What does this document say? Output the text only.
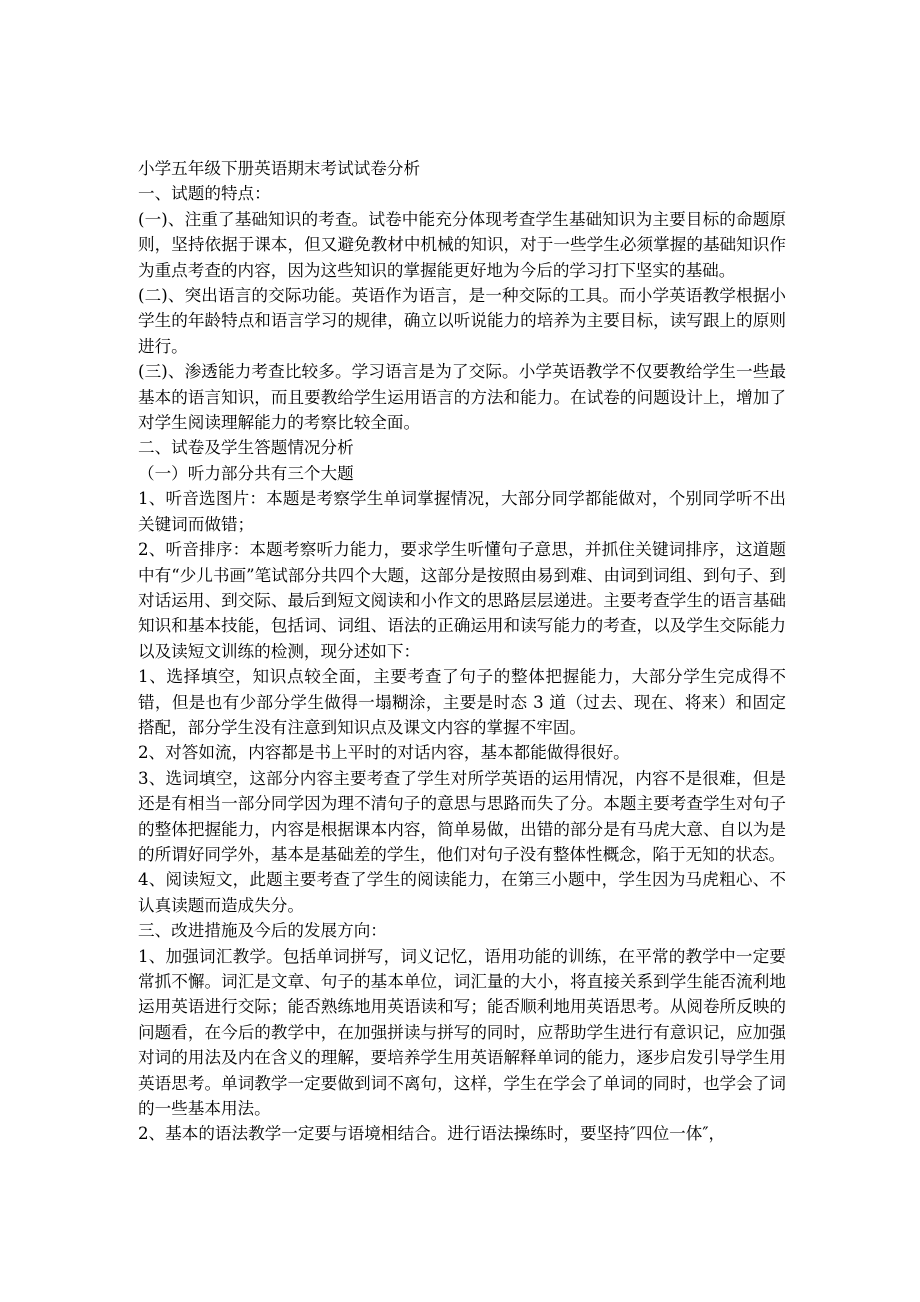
小学五年级下册英语期末考试试卷分析

一、试题的特点：

(一)、注重了基础知识的考查。试卷中能充分体现考查学生基础知识为主要目标的命题原则，坚持依据于课本，但又避免教材中机械的知识，对于一些学生必须掌握的基础知识作为重点考查的内容，因为这些知识的掌握能更好地为今后的学习打下坚实的基础。

(二)、突出语言的交际功能。英语作为语言，是一种交际的工具。而小学英语教学根据小学生的年龄特点和语言学习的规律，确立以听说能力的培养为主要目标，读写跟上的原则进行。

(三)、渗透能力考查比较多。学习语言是为了交际。小学英语教学不仅要教给学生一些最基本的语言知识，而且要教给学生运用语言的方法和能力。在试卷的问题设计上，增加了对学生阅读理解能力的考察比较全面。

二、试卷及学生答题情况分析

（一）听力部分共有三个大题

1、听音选图片：本题是考察学生单词掌握情况，大部分同学都能做对，个别同学听不出关键词而做错；

2、听音排序：本题考察听力能力，要求学生听懂句子意思，并抓住关键词排序，这道题中有“少儿书画”笔试部分共四个大题，这部分是按照由易到难、由词到词组、到句子、到对话运用、到交际、最后到短文阅读和小作文的思路层层递进。主要考查学生的语言基础知识和基本技能，包括词、词组、语法的正确运用和读写能力的考查，以及学生交际能力以及读短文训练的检测，现分述如下：

1、选择填空，知识点较全面，主要考查了句子的整体把握能力，大部分学生完成得不错，但是也有少部分学生做得一塌糊涂，主要是时态 3 道（过去、现在、将来）和固定搭配，部分学生没有注意到知识点及课文内容的掌握不牢固。

2、对答如流，内容都是书上平时的对话内容，基本都能做得很好。

3、选词填空，这部分内容主要考查了学生对所学英语的运用情况，内容不是很难，但是还是有相当一部分同学因为理不清句子的意思与思路而失了分。本题主要考查学生对句子的整体把握能力，内容是根据课本内容，简单易做，出错的部分是有马虎大意、自以为是的所谓好同学外，基本是基础差的学生，他们对句子没有整体性概念，陷于无知的状态。

4、阅读短文，此题主要考查了学生的阅读能力，在第三小题中，学生因为马虎粗心、不认真读题而造成失分。

三、改进措施及今后的发展方向：

1、加强词汇教学。包括单词拼写，词义记忆，语用功能的训练，在平常的教学中一定要常抓不懈。词汇是文章、句子的基本单位，词汇量的大小，将直接关系到学生能否流利地运用英语进行交际；能否熟练地用英语读和写；能否顺利地用英语思考。从阅卷所反映的问题看，在今后的教学中，在加强拼读与拼写的同时，应帮助学生进行有意识记，应加强对词的用法及内在含义的理解，要培养学生用英语解释单词的能力，逐步启发引导学生用英语思考。单词教学一定要做到词不离句，这样，学生在学会了单词的同时，也学会了词的一些基本用法。

2、基本的语法教学一定要与语境相结合。进行语法操练时，要坚持″四位一体″，
